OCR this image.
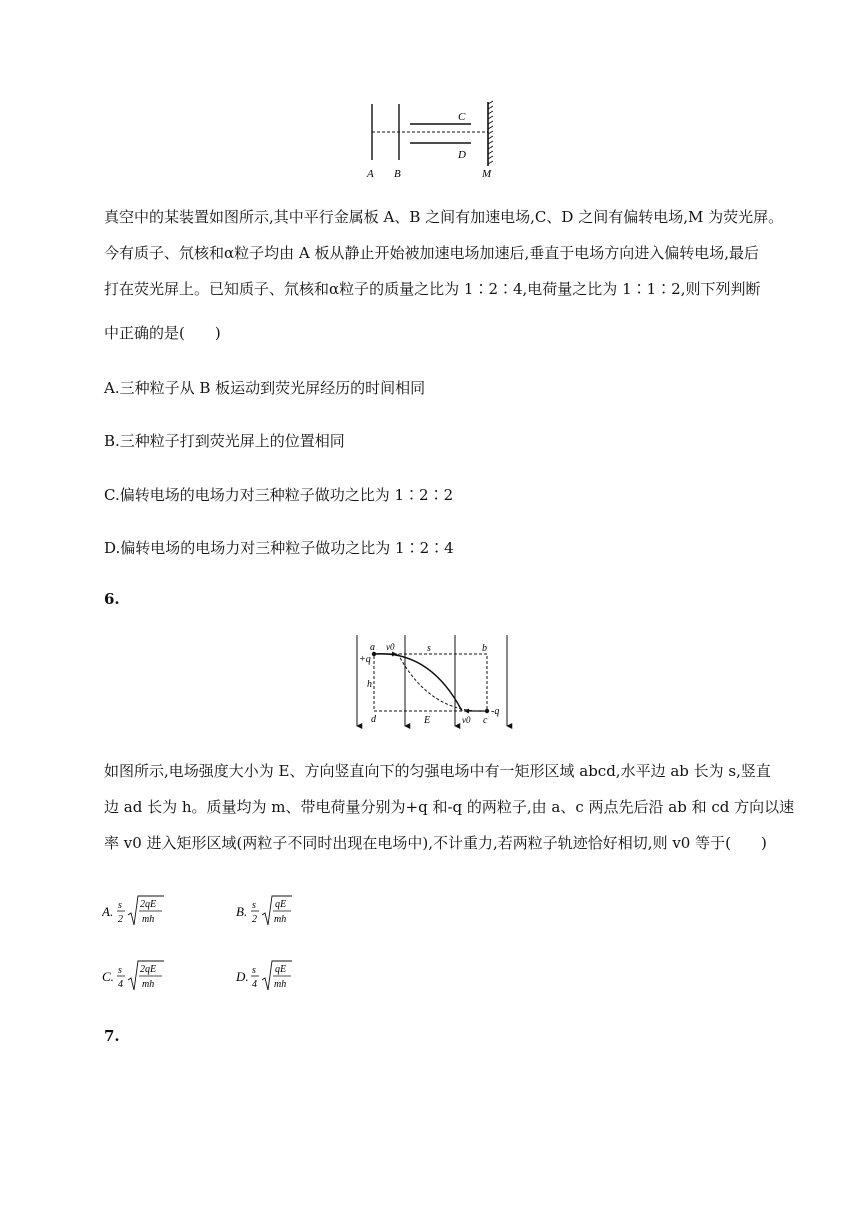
C
D
A B	M
真空中的某装置如图所示,其中平行金属板 A、B 之间有加速电场,C、D 之间有偏转电场,M 为荧光屏。
今有质子、氘核和α粒子均由 A 板从静止开始被加速电场加速后,垂直于电场方向进入偏转电场,最后
打在荧光屏上。已知质子、氘核和α粒子的质量之比为 1∶2∶4,电荷量之比为 1∶1∶2,则下列判断
中正确的是(　　)
A.三种粒子从 B 板运动到荧光屏经历的时间相同
B.三种粒子打到荧光屏上的位置相同
C.偏转电场的电场力对三种粒子做功之比为 1∶2∶2
D.偏转电场的电场力对三种粒子做功之比为 1∶2∶4
6.
a v0	s	b
+q
h
d	E	v0 c
-q
如图所示,电场强度大小为 E、方向竖直向下的匀强电场中有一矩形区域 abcd,水平边 ab 长为 s,竖直
边 ad 长为 h。质量均为 m、带电荷量分别为+q 和-q 的两粒子,由 a、c 两点先后沿 ab 和 cd 方向以速
率 v0 进入矩形区域(两粒子不同时出现在电场中),不计重力,若两粒子轨迹恰好相切,则 v0 等于(　　)
A. s
2
2qE
mh
B. s
2
qE
mh
C. s
4
2qE
mh
D. s
4
qE
mh
7.
